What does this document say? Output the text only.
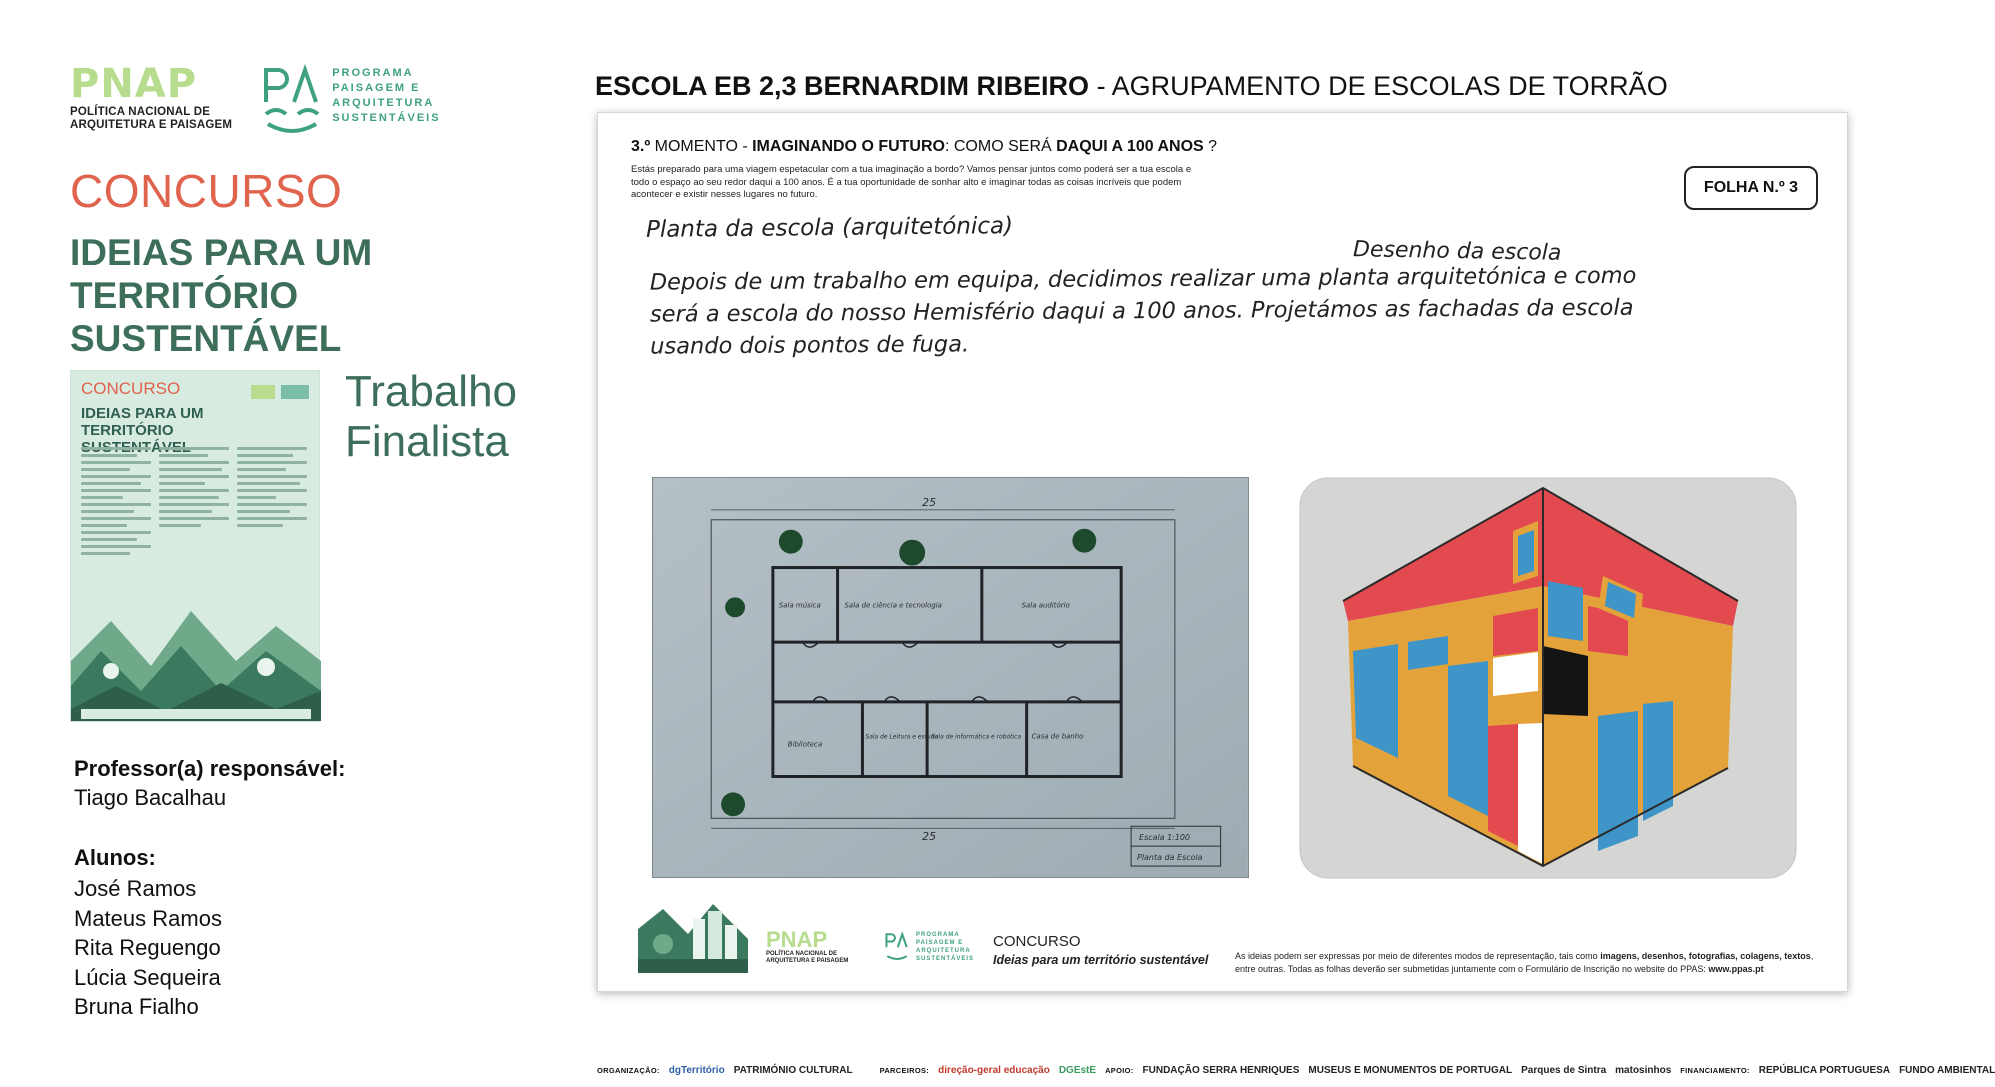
PNAP
POLÍTICA NACIONAL DE
ARQUITETURA E PAISAGEM
PROGRAMA
PAISAGEM E
ARQUITETURA
SUSTENTÁVEIS
CONCURSO
IDEIAS PARA UM
TERRITÓRIO
SUSTENTÁVEL
CONCURSO
IDEIAS PARA UM TERRITÓRIO
Trabalho
Finalista
Professor(a) responsável:
Tiago Bacalhau
Alunos:
José Ramos
Mateus Ramos
Rita Reguengo
Lúcia Sequeira
Bruna Fialho
ESCOLA EB 2,3 BERNARDIM RIBEIRO - AGRUPAMENTO DE ESCOLAS DE TORRÃO
3.º MOMENTO - IMAGINANDO O FUTURO: COMO SERÁ DAQUI A 100 ANOS ?
Estás preparado para uma viagem espetacular com a tua imaginação a bordo? Vamos pensar juntos como poderá ser a tua escola e todo o espaço ao seu redor daqui a 100 anos. É a tua oportunidade de sonhar alto e imaginar todas as coisas incríveis que podem acontecer e existir nesses lugares no futuro.	FOLHA N.º 3
Planta da escola (arquitetónica)
Desenho da escola
Depois de um trabalho em equipa, decidimos realizar uma planta arquitetónica e como será a escola do nosso Hemisfério daqui a 100 anos. Projetámos as fachadas da escola usando dois pontos de fuga.
25
25
Sala música	Sala de ciência e tecnologia	Sala auditório
Biblioteca
Sala de Leitura e estudo
Sala de informática e robótica Casa de banho
Escala 1:100
Planta da Escola
PNAP
POLÍTICA NACIONAL DE
ARQUITETURA E PAISAGEM
PROGRAMA
PAISAGEM E
ARQUITETURA
SUSTENTÁVEIS
CONCURSO
Ideias para um território sustentável	As ideias podem ser expressas por meio de diferentes modos de representação, tais como imagens, desenhos, fotografias, colagens, textos, entre outras. Todas as folhas deverão ser submetidas juntamente com o Formulário de Inscrição no website do PPAS: www.ppas.pt
ORGANIZAÇÃO: dgTerritório PATRIMÓNIO CULTURAL	PARCEIROS: direção-geral educação DGEstE APOIO: FUNDAÇÃO SERRA HENRIQUES MUSEUS E MONUMENTOS DE PORTUGAL Parques de Sintra matosinhos FINANCIAMENTO: REPÚBLICA PORTUGUESA FUNDO AMBIENTAL
